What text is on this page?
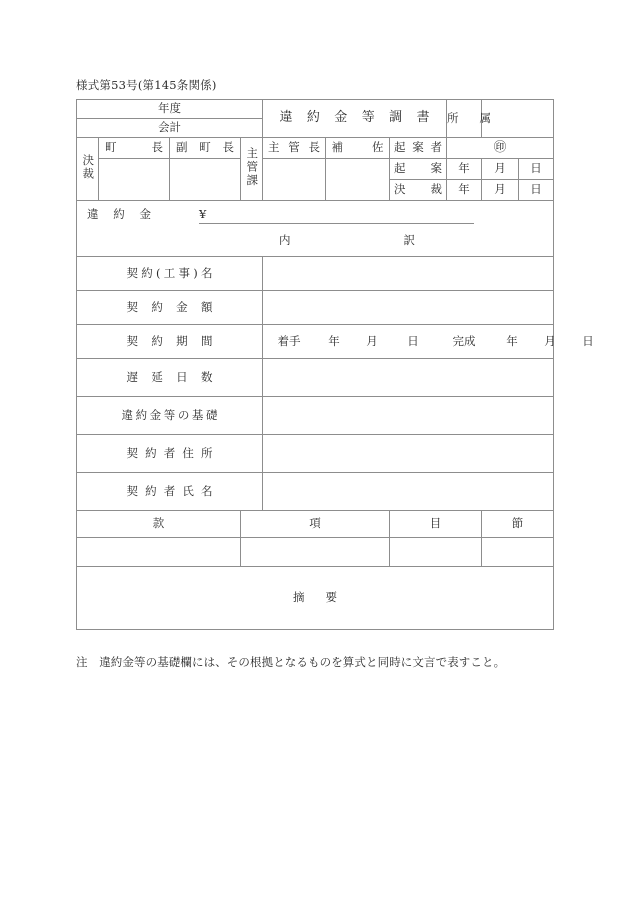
様式第53号(第145条関係)
年度				違 約 金 等 調 書			所　属		

会計									
決裁	町　　長	副 町 長	主管課	主 管 長	補　　佐	起 案 者	㊞		

						起　　案	年	月	日

						決　　裁	年	月	日

違　約　金 ¥
内　　訳									

契約(工事)名									

契　約　金　額									

契　約　期　間				着手 年 月 日 完成 年 月 日					

遅　延　日　数									

違約金等の基礎									

契 約 者 住 所									

契 約 者 氏 名									

款			項			目		節	

摘　要									
注　違約金等の基礎欄には、その根拠となるものを算式と同時に文言で表すこと。
